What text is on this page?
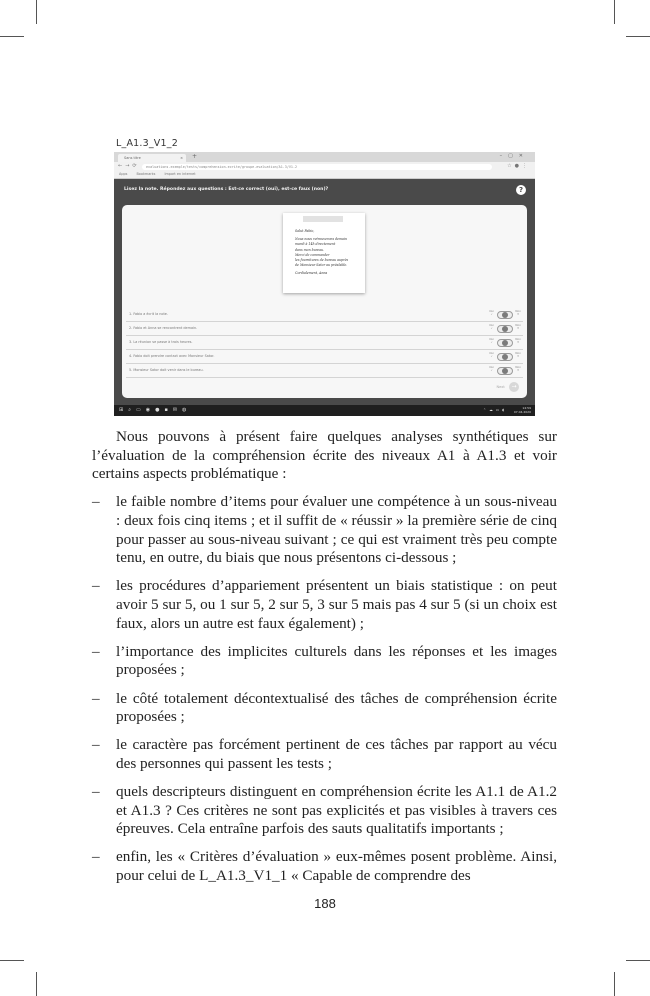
L_A1.3_V1_2
Sans titre	× +	–▢✕
←→⟳	evaluations.exemple/tests/comprehension-ecrite/groupe-evaluation/A1.3/V1-2	☆●⋮
Apps	Bookmarks	Import en internet
Lisez la note. Répondez aux questions : Est-ce correct (oui), est-ce faux (non)?	?
Salut Fabio,
Nous nous retrouverons demain
mardi à 14h directement
dans mon bureau.
Merci de commander
les fournitures de bureau auprès
de Monsieur Sator au préalable.
Cordialement, Anna
1. Fabio a écrit la note.
Oui
✓
Non
✕
2. Fabio et Anna se rencontrent demain.
Oui
✓
Non
✕
3. La réunion se passe à trois heures.
Oui
✓
Non
✕
4. Fabio doit prendre contact avec Monsieur Sator.
Oui
✓
Non
✕
5. Monsieur Sator doit venir dans le bureau.
Oui
✓
Non
✕
Next →
⊞⌕▭◉●▪✉◍	⌃☁▭◖	14:59
07.04.2020

Nous pouvons à présent faire quelques analyses synthétiques sur l’évaluation de la compréhension écrite des niveaux A1 à A1.3 et voir certains aspects problématique :

– le faible nombre d’items pour évaluer une compétence à un sous-niveau : deux fois cinq items ; et il suffit de « réussir » la première série de cinq pour passer au sous-niveau suivant ; ce qui est vraiment très peu compte tenu, en outre, du biais que nous présentons ci-dessous ;
– les procédures d’appariement présentent un biais statistique : on peut avoir 5 sur 5, ou 1 sur 5, 2 sur 5, 3 sur 5 mais pas 4 sur 5 (si un choix est faux, alors un autre est faux également) ;
– l’importance des implicites culturels dans les réponses et les images proposées ;
– le côté totalement décontextualisé des tâches de compréhension écrite proposées ;
– le caractère pas forcément pertinent de ces tâches par rapport au vécu des personnes qui passent les tests ;
– quels descripteurs distinguent en compréhension écrite les A1.1 de A1.2 et A1.3 ? Ces critères ne sont pas explicités et pas visibles à travers ces épreuves. Cela entraîne parfois des sauts qualitatifs importants ;
– enfin, les « Critères d’évaluation » eux-mêmes posent problème. Ainsi, pour celui de L_A1.3_V1_1 « Capable de comprendre des
188
